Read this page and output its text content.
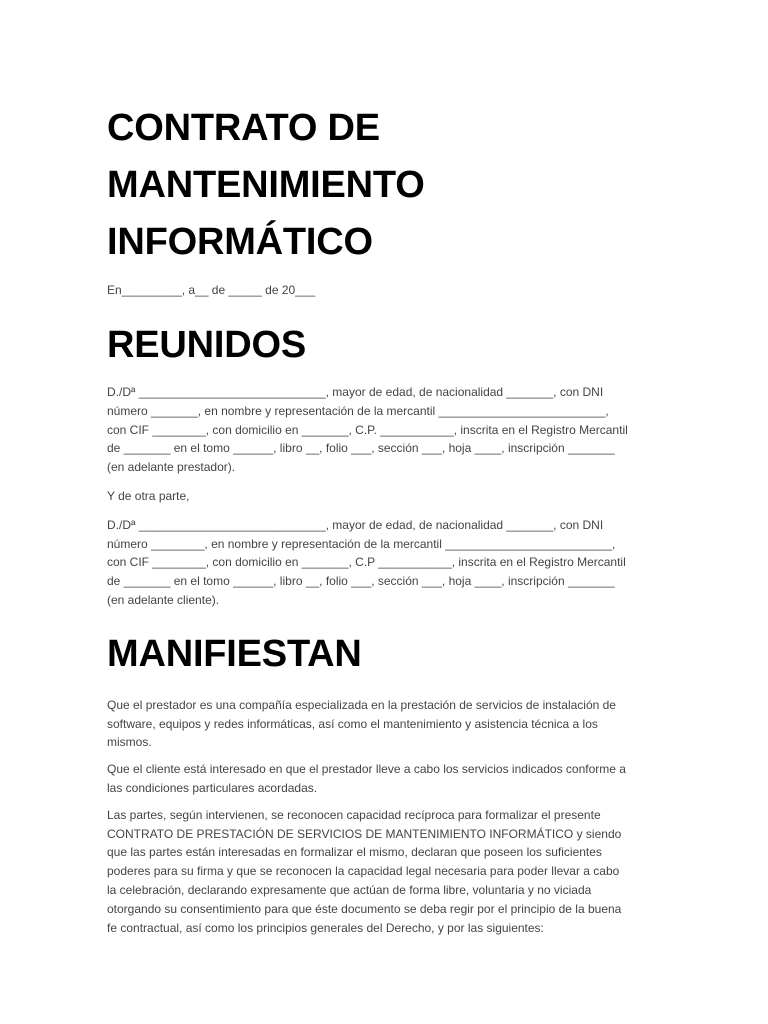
CONTRATO DE
MANTENIMIENTO
INFORMÁTICO

En_________, a__ de _____ de 20___

REUNIDOS

D./Dª ____________________________, mayor de edad, de nacionalidad _______, con DNI
número _______, en nombre y representación de la mercantil _________________________,
con CIF ________, con domicilio en _______, C.P. ___________, inscrita en el Registro Mercantil
de _______ en el tomo ______, libro __, folio ___, sección ___, hoja ____, inscripción _______
(en adelante prestador).

Y de otra parte,

D./Dª ____________________________, mayor de edad, de nacionalidad _______, con DNI
número ________, en nombre y representación de la mercantil _________________________,
con CIF ________, con domicilio en _______, C.P ___________, inscrita en el Registro Mercantil
de _______ en el tomo ______, libro __, folio ___, sección ___, hoja ____, inscripción _______
(en adelante cliente).

MANIFIESTAN

Que el prestador es una compañía especializada en la prestación de servicios de instalación de
software, equipos y redes informáticas, así como el mantenimiento y asistencia técnica a los
mismos.

Que el cliente está interesado en que el prestador lleve a cabo los servicios indicados conforme a
las condiciones particulares acordadas.

Las partes, según intervienen, se reconocen capacidad recíproca para formalizar el presente
CONTRATO DE PRESTACIÓN DE SERVICIOS DE MANTENIMIENTO INFORMÁTICO y siendo
que las partes están interesadas en formalizar el mismo, declaran que poseen los suficientes
poderes para su firma y que se reconocen la capacidad legal necesaria para poder llevar a cabo
la celebración, declarando expresamente que actúan de forma libre, voluntaria y no viciada
otorgando su consentimiento para que éste documento se deba regir por el principio de la buena
fe contractual, así como los principios generales del Derecho, y por las siguientes:
